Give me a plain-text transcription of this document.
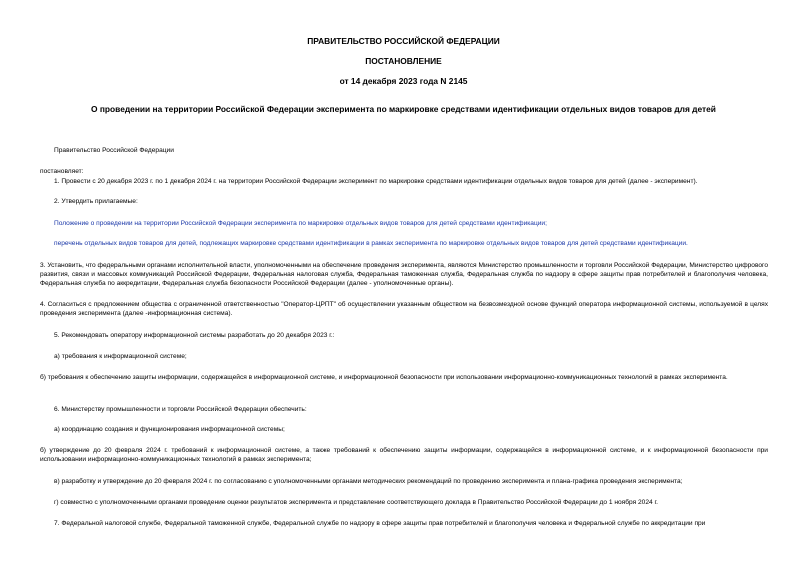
ПРАВИТЕЛЬСТВО РОССИЙСКОЙ ФЕДЕРАЦИИ
ПОСТАНОВЛЕНИЕ
от 14 декабря 2023 года N 2145
О проведении на территории Российской Федерации эксперимента по маркировке средствами идентификации отдельных видов товаров для детей
Правительство Российской Федерации
постановляет:
1. Провести с 20 декабря 2023 г. по 1 декабря 2024 г. на территории Российской Федерации эксперимент по маркировке средствами идентификации отдельных видов товаров для детей (далее - эксперимент).
2. Утвердить прилагаемые:
Положение о проведении на территории Российской Федерации эксперимента по маркировке отдельных видов товаров для детей средствами идентификации;
перечень отдельных видов товаров для детей, подлежащих маркировке средствами идентификации в рамках эксперимента по маркировке отдельных видов товаров для детей средствами идентификации.
3. Установить, что федеральными органами исполнительной власти, уполномоченными на обеспечение проведения эксперимента, являются Министерство промышленности и торговли Российской Федерации, Министерство цифрового развития, связи и массовых коммуникаций Российской Федерации, Федеральная налоговая служба, Федеральная таможенная служба, Федеральная служба по надзору в сфере защиты прав потребителей и благополучия человека, Федеральная служба по аккредитации, Федеральная служба безопасности Российской Федерации (далее - уполномоченные органы).
4. Согласиться с предложением общества с ограниченной ответственностью "Оператор-ЦРПТ" об осуществлении указанным обществом на безвозмездной основе функций оператора информационной системы, используемой в целях проведения эксперимента (далее -информационная система).
5. Рекомендовать оператору информационной системы разработать до 20 декабря 2023 г.:
а) требования к информационной системе;
б) требования к обеспечению защиты информации, содержащейся в информационной системе, и информационной безопасности при использовании информационно-коммуникационных технологий в рамках эксперимента.
6. Министерству промышленности и торговли Российской Федерации обеспечить:
а) координацию создания и функционирования информационной системы;
б) утверждение до 20 февраля 2024 г. требований к информационной системе, а также требований к обеспечению защиты информации, содержащейся в информационной системе, и к информационной безопасности при использовании информационно-коммуникационных технологий в рамках эксперимента;
в) разработку и утверждение до 20 февраля 2024 г. по согласованию с уполномоченными органами методических рекомендаций по проведению эксперимента и плана-графика проведения эксперимента;
г) совместно с уполномоченными органами проведение оценки результатов эксперимента и представление соответствующего доклада в Правительство Российской Федерации до 1 ноября 2024 г.
7. Федеральной налоговой службе, Федеральной таможенной службе, Федеральной службе по надзору в сфере защиты прав потребителей и благополучия человека и Федеральной службе по аккредитации при
